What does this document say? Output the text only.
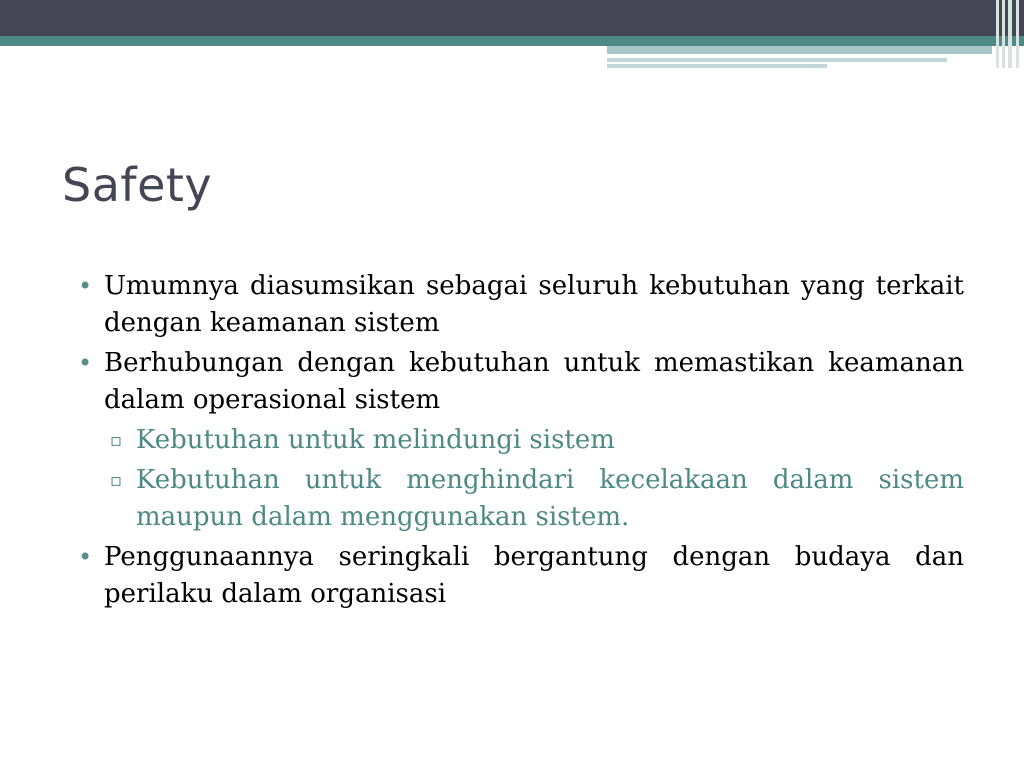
Safety
• Umumnya diasumsikan sebagai seluruh kebutuhan yang terkait dengan keamanan sistem
• Berhubungan dengan kebutuhan untuk memastikan keamanan dalam operasional sistem
▫ Kebutuhan untuk melindungi sistem
▫ Kebutuhan untuk menghindari kecelakaan dalam sistem maupun dalam menggunakan sistem.
• Penggunaannya seringkali bergantung dengan budaya dan perilaku dalam organisasi
